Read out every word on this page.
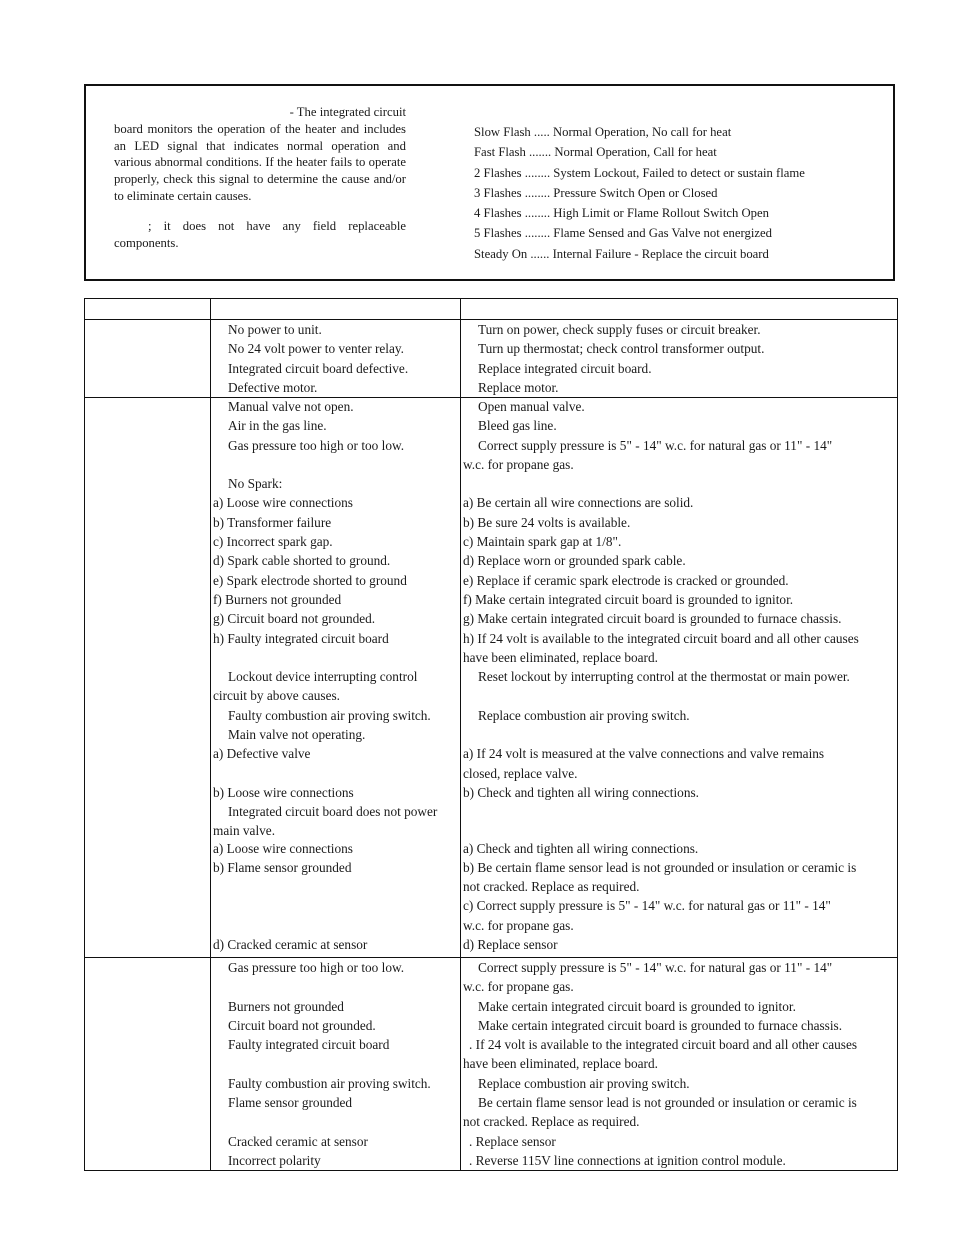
- The integrated circuit
board monitors the operation of the heater and includes an LED signal that indicates normal operation and various abnormal conditions. If the heater fails to operate properly, check this signal to determine the cause and/or to eliminate certain causes.

; it does not have any field replaceable components.

Slow Flash ..... Normal Operation, No call for heat
Fast Flash ....... Normal Operation, Call for heat
2 Flashes ........ System Lockout, Failed to detect or sustain flame
3 Flashes ........ Pressure Switch Open or Closed
4 Flashes ........ High Limit or Flame Rollout Switch Open
5 Flashes ........ Flame Sensed and Gas Valve not energized
Steady On ...... Internal Failure - Replace the circuit board
No power to unit.
No 24 volt power to venter relay.
Integrated circuit board defective.
Defective motor.
Turn on power, check supply fuses or circuit breaker.
Turn up thermostat; check control transformer output.
Replace integrated circuit board.
Replace motor.
Manual valve not open.
Air in the gas line.
Gas pressure too high or too low.

No Spark:
a) Loose wire connections
b) Transformer failure
c) Incorrect spark gap.
d) Spark cable shorted to ground.
e) Spark electrode shorted to ground
f) Burners not grounded
g) Circuit board not grounded.
h) Faulty integrated circuit board

Lockout device interrupting control
circuit by above causes.
Faulty combustion air proving switch.
Main valve not operating.
a) Defective valve

b) Loose wire connections
Integrated circuit board does not power
main valve.
a) Loose wire connections
b) Flame sensor grounded

d) Cracked ceramic at sensor
Open manual valve.
Bleed gas line.
Correct supply pressure is 5" - 14" w.c. for natural gas or 11" - 14"
w.c. for propane gas.

a) Be certain all wire connections are solid.
b) Be sure 24 volts is available.
c) Maintain spark gap at 1/8".
d) Replace worn or grounded spark cable.
e) Replace if ceramic spark electrode is cracked or grounded.
f) Make certain integrated circuit board is grounded to ignitor.
g) Make certain integrated circuit board is grounded to furnace chassis.
h) If 24 volt is available to the integrated circuit board and all other causes
have been eliminated, replace board.
Reset lockout by interrupting control at the thermostat or main power.

Replace combustion air proving switch.

a) If 24 volt is measured at the valve connections and valve remains
closed, replace valve.
b) Check and tighten all wiring connections.

a) Check and tighten all wiring connections.
b) Be certain flame sensor lead is not grounded or insulation or ceramic is
not cracked. Replace as required.
c) Correct supply pressure is 5" - 14" w.c. for natural gas or 11" - 14"
w.c. for propane gas.
d) Replace sensor
Gas pressure too high or too low.

Burners not grounded
Circuit board not grounded.
Faulty integrated circuit board

Faulty combustion air proving switch.
Flame sensor grounded

Cracked ceramic at sensor
Incorrect polarity
Correct supply pressure is 5" - 14" w.c. for natural gas or 11" - 14"
w.c. for propane gas.
Make certain integrated circuit board is grounded to ignitor.
Make certain integrated circuit board is grounded to furnace chassis.
. If 24 volt is available to the integrated circuit board and all other causes
have been eliminated, replace board.
Replace combustion air proving switch.
Be certain flame sensor lead is not grounded or insulation or ceramic is
not cracked. Replace as required.
. Replace sensor
. Reverse 115V line connections at ignition control module.
